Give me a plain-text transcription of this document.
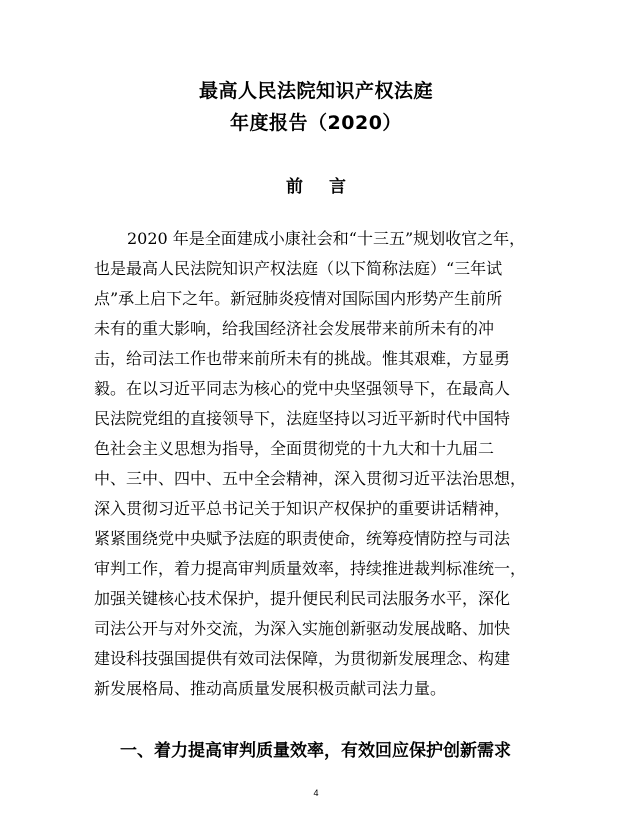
最高人民法院知识产权法庭
年度报告（2020）
前 言

2020 年是全面建成小康社会和“十三五”规划收官之年，

也是最高人民法院知识产权法庭（以下简称法庭）“三年试

点”承上启下之年。新冠肺炎疫情对国际国内形势产生前所

未有的重大影响，给我国经济社会发展带来前所未有的冲

击，给司法工作也带来前所未有的挑战。惟其艰难，方显勇

毅。在以习近平同志为核心的党中央坚强领导下，在最高人

民法院党组的直接领导下，法庭坚持以习近平新时代中国特

色社会主义思想为指导，全面贯彻党的十九大和十九届二

中、三中、四中、五中全会精神，深入贯彻习近平法治思想，

深入贯彻习近平总书记关于知识产权保护的重要讲话精神，

紧紧围绕党中央赋予法庭的职责使命，统筹疫情防控与司法

审判工作，着力提高审判质量效率，持续推进裁判标准统一，

加强关键核心技术保护，提升便民利民司法服务水平，深化

司法公开与对外交流，为深入实施创新驱动发展战略、加快

建设科技强国提供有效司法保障，为贯彻新发展理念、构建

新发展格局、推动高质量发展积极贡献司法力量。

一、着力提高审判质量效率，有效回应保护创新需求
4
